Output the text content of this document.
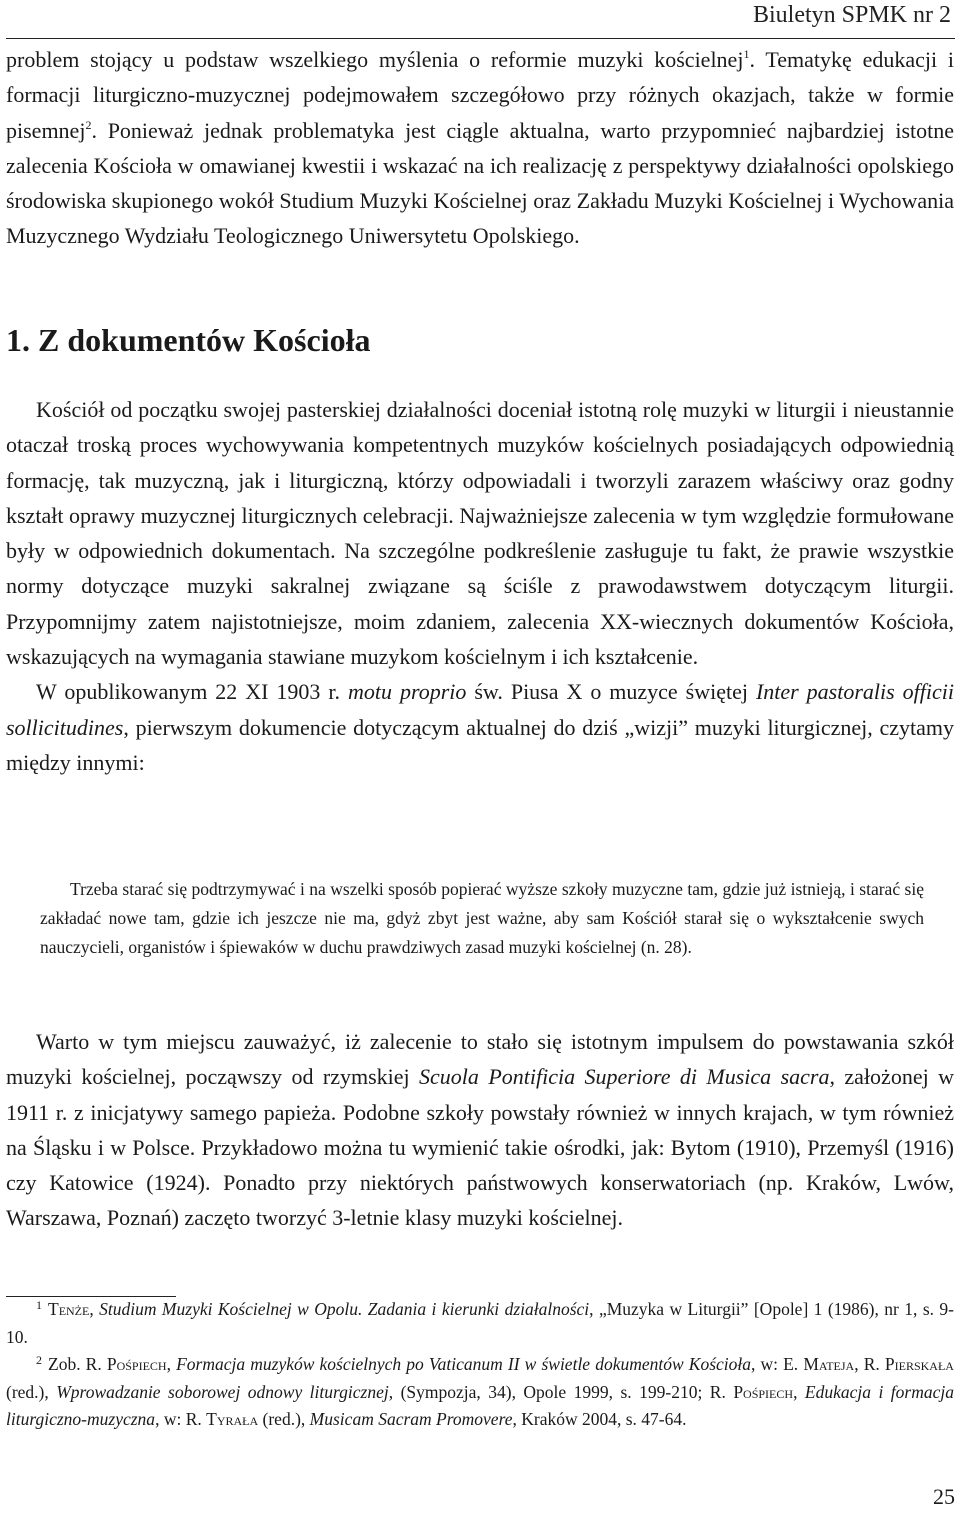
Biuletyn SPMK nr 2

problem stojący u podstaw wszelkiego myślenia o reformie muzyki kościelnej$^1$. Tematykę edukacji i formacji liturgiczno-muzycznej podejmowałem szczegółowo przy różnych okazjach, także w formie pisemnej$^2$. Ponieważ jednak problematyka jest ciągle aktualna, warto przypomnieć najbardziej istotne zalecenia Kościoła w omawianej kwestii i wskazać na ich realizację z perspektywy działalności opolskiego środowiska skupionego wokół Studium Muzyki Kościelnej oraz Zakładu Muzyki Kościelnej i Wychowania Muzycznego Wydziału Teologicznego Uniwersytetu Opolskiego.

1. Z dokumentów Kościoła

Kościół od początku swojej pasterskiej działalności doceniał istotną rolę muzyki w liturgii i nieustannie otaczał troską proces wychowywania kompetentnych muzyków kościelnych posiadających odpowiednią formację, tak muzyczną, jak i liturgiczną, którzy odpowiadali i tworzyli zarazem właściwy oraz godny kształt oprawy muzycznej liturgicznych celebracji. Najważniejsze zalecenia w tym względzie formułowane były w odpowiednich dokumentach. Na szczególne podkreślenie zasługuje tu fakt, że prawie wszystkie normy dotyczące muzyki sakralnej związane są ściśle z prawodawstwem dotyczącym liturgii. Przypomnijmy zatem najistotniejsze, moim zdaniem, zalecenia XX-wiecznych dokumentów Kościoła, wskazujących na wymagania stawiane muzykom kościelnym i ich kształcenie.

W opublikowanym 22 XI 1903 r. motu proprio św. Piusa X o muzyce świętej Inter pastoralis officii sollicitudines, pierwszym dokumencie dotyczącym aktualnej do dziś „wizji” muzyki liturgicznej, czytamy między innymi:

Trzeba starać się podtrzymywać i na wszelki sposób popierać wyższe szkoły muzyczne tam, gdzie już istnieją, i starać się zakładać nowe tam, gdzie ich jeszcze nie ma, gdyż zbyt jest ważne, aby sam Kościół starał się o wykształcenie swych nauczycieli, organistów i śpiewaków w duchu prawdziwych zasad muzyki kościelnej (n. 28).

Warto w tym miejscu zauważyć, iż zalecenie to stało się istotnym impulsem do powstawania szkół muzyki kościelnej, począwszy od rzymskiej Scuola Pontificia Superiore di Musica sacra, założonej w 1911 r. z inicjatywy samego papieża. Podobne szkoły powstały również w innych krajach, w tym również na Śląsku i w Polsce. Przykładowo można tu wymienić takie ośrodki, jak: Bytom (1910), Przemyśl (1916) czy Katowice (1924). Ponadto przy niektórych państwowych konserwatoriach (np. Kraków, Lwów, Warszawa, Poznań) zaczęto tworzyć 3-letnie klasy muzyki kościelnej.

$^1$ Tenże, Studium Muzyki Kościelnej w Opolu. Zadania i kierunki działalności, „Muzyka w Liturgii” [Opole] 1 (1986), nr 1, s. 9-10.

$^2$ Zob. R. Pośpiech, Formacja muzyków kościelnych po Vaticanum II w świetle dokumentów Kościoła, w: E. Mateja, R. Pierskała (red.), Wprowadzanie soborowej odnowy liturgicznej, (Sympozja, 34), Opole 1999, s. 199-210; R. Pośpiech, Edukacja i formacja liturgiczno-muzyczna, w: R. Tyrała (red.), Musicam Sacram Promovere, Kraków 2004, s. 47-64.

25
